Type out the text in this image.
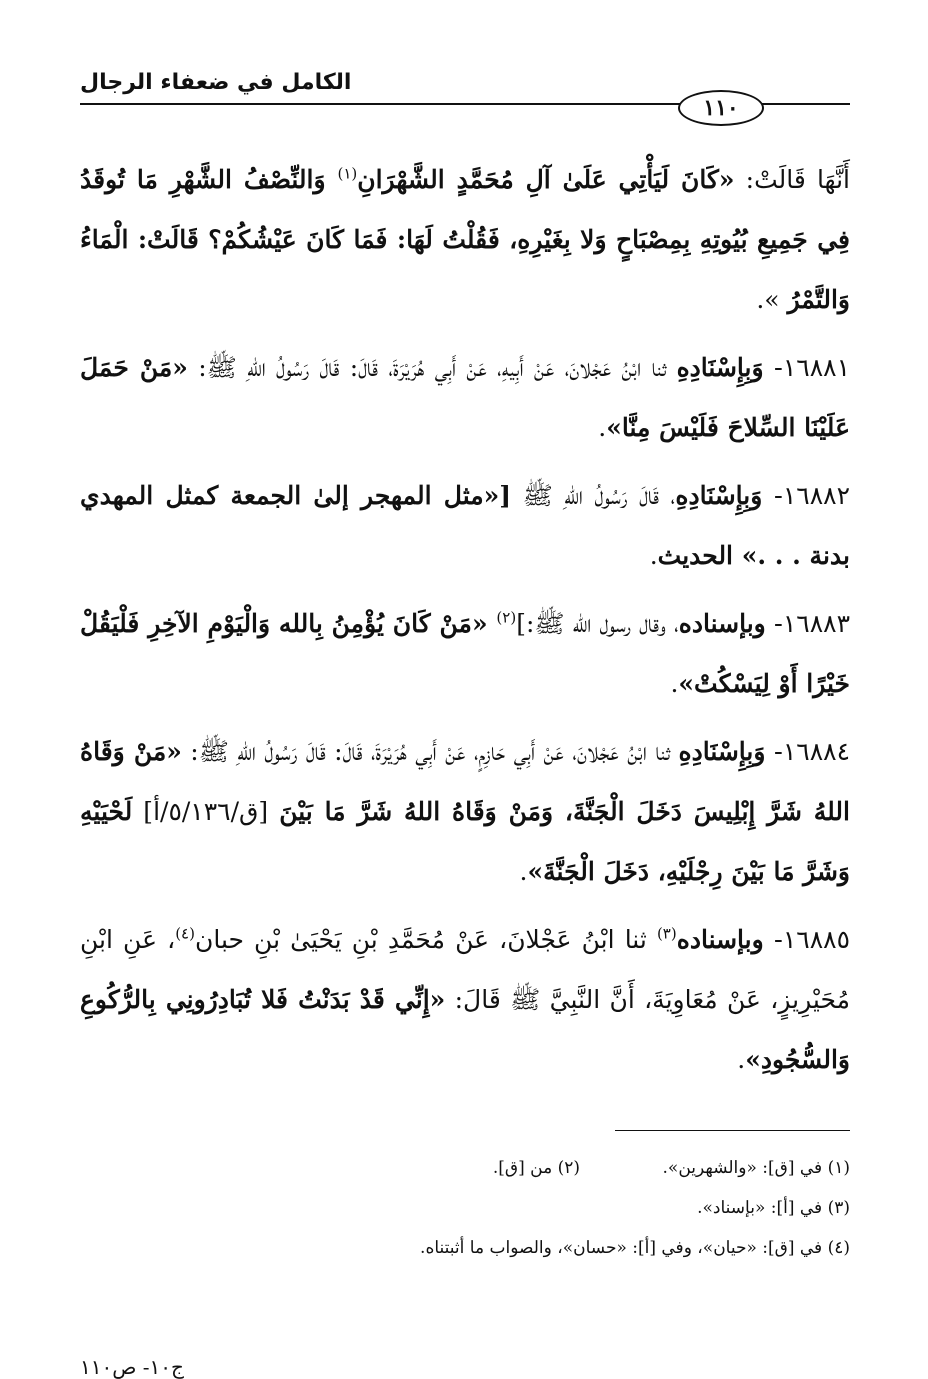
الكامل في ضعفاء الرجال
١١٠

أَنَّهَا قَالَتْ: «كَانَ لَيَأْتِي عَلَىٰ آلِ مُحَمَّدٍ الشَّهْرَانِ$^{(١)}$ وَالنِّصْفُ الشَّهْرِ مَا تُوقَدُ فِي جَمِيعِ بُيُوتِهِ بِمِصْبَاحٍ وَلا بِغَيْرِهِ، فَقُلْتُ لَهَا: فَمَا كَانَ عَيْشُكُمْ؟ قَالَتْ: الْمَاءُ وَالتَّمْرُ ».

١٦٨٨١- وَبِإِسْنَادِهِ ثنا ابْنُ عَجْلانَ، عَنْ أَبِيهِ، عَنْ أَبِي هُرَيْرَةَ، قَالَ: قَالَ رَسُولُ اللهِ ﷺ: «مَنْ حَمَلَ عَلَيْنَا السِّلاحَ فَلَيْسَ مِنَّا».

١٦٨٨٢- وَبِإِسْنَادِهِ، قَالَ رَسُولُ اللهِ ﷺ [«مثل المهجر إلىٰ الجمعة كمثل المهدي بدنة . . .» الحديث.

١٦٨٨٣- وبإسناده، وقال رسول الله ﷺ:]$^{(٢)}$ «مَنْ كَانَ يُؤْمِنُ بِالله وَالْيَوْمِ الآخِرِ فَلْيَقُلْ خَيْرًا أَوْ لِيَسْكُتْ».

١٦٨٨٤- وَبِإِسْنَادِهِ ثنا ابْنُ عَجْلانَ، عَنْ أَبِي حَازِمٍ، عَنْ أَبِي هُرَيْرَةَ، قَالَ: قَالَ رَسُولُ اللهِ ﷺ: «مَنْ وَقَاهُ اللهُ شَرَّ إِبْلِيسَ دَخَلَ الْجَنَّةَ، وَمَنْ وَقَاهُ اللهُ شَرَّ مَا بَيْنَ [ق/٥/١٣٦/أ] لَحْيَيْهِ وَشَرَّ مَا بَيْنَ رِجْلَيْهِ، دَخَلَ الْجَنَّةَ».

١٦٨٨٥- وبإسناده$^{(٣)}$ ثنا ابْنُ عَجْلانَ، عَنْ مُحَمَّدِ بْنِ يَحْيَىٰ بْنِ حبان$^{(٤)}$، عَنِ ابْنِ مُحَيْرِيزٍ، عَنْ مُعَاوِيَةَ، أَنَّ النَّبِيَّ ﷺ قَالَ: «إِنِّي قَدْ بَدَنْتُ فَلا تُبَادِرُونِي بِالرُّكُوعِ وَالسُّجُودِ».

(١) في [ق]: «والشهرين».
(٢) من [ق].
(٣) في [أ]: «بإسناد».
(٤) في [ق]: «حيان»، وفي [أ]: «حسان»، والصواب ما أثبتناه.
ج١٠- ص١١٠
